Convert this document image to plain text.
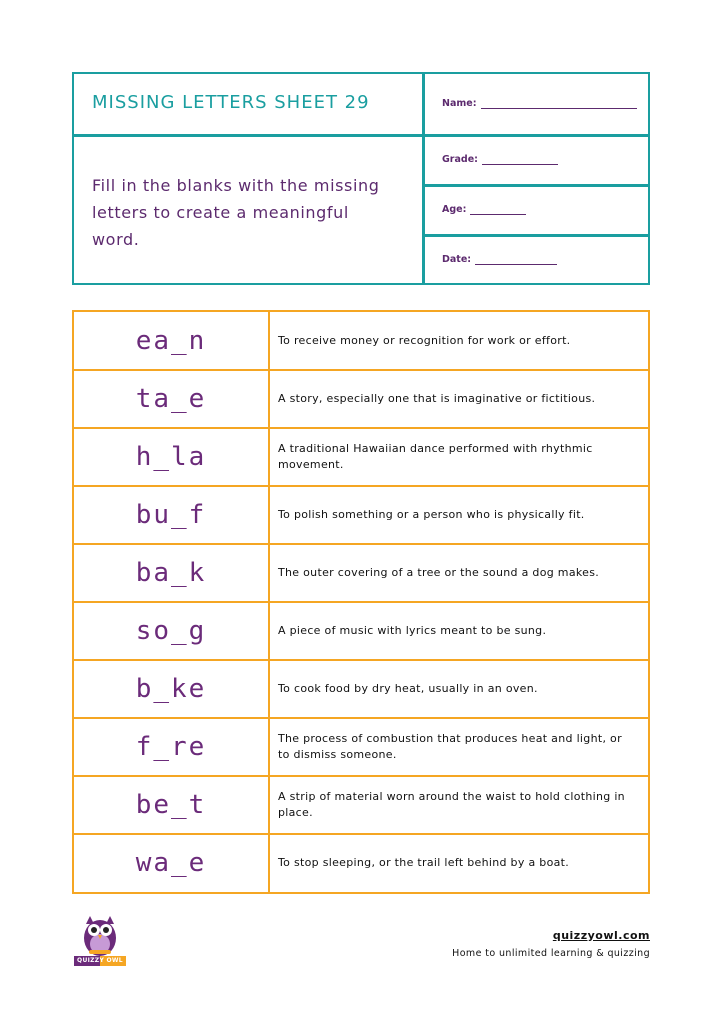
MISSING LETTERS SHEET 29
Fill in the blanks with the missing letters to create a meaningful word.
Name:
Grade:
Age:
Date:
ea_n	To receive money or recognition for work or effort.
ta_e	A story, especially one that is imaginative or fictitious.
h_la	A traditional Hawaiian dance performed with rhythmic movement.
bu_f	To polish something or a person who is physically fit.
ba_k	The outer covering of a tree or the sound a dog makes.
so_g	A piece of music with lyrics meant to be sung.
b_ke	To cook food by dry heat, usually in an oven.
f_re	The process of combustion that produces heat and light, or to dismiss someone.
be_t	A strip of material worn around the waist to hold clothing in place.
wa_e	To stop sleeping, or the trail left behind by a boat.
QUIZZY OWL
quizzyowl.com
Home to unlimited learning & quizzing
